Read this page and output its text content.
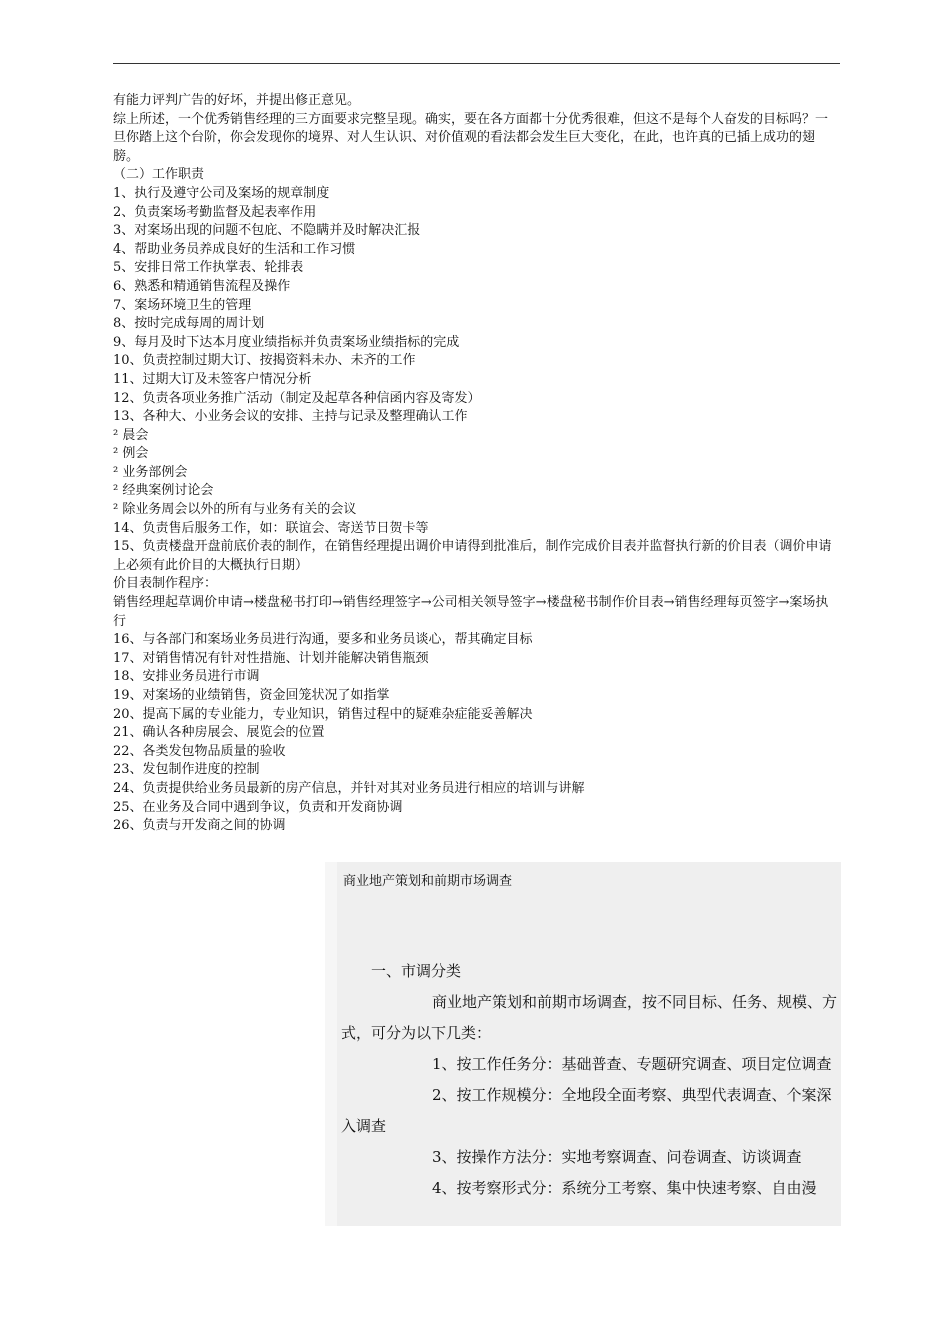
有能力评判广告的好坏，并提出修正意见。
综上所述，一个优秀销售经理的三方面要求完整呈现。确实，要在各方面都十分优秀很难，但这不是每个人奋发的目标吗？一旦你踏上这个台阶，你会发现你的境界、对人生认识、对价值观的看法都会发生巨大变化，在此，也许真的已插上成功的翅膀。
（二）工作职责
1、执行及遵守公司及案场的规章制度
2、负责案场考勤监督及起表率作用
3、对案场出现的问题不包庇、不隐瞒并及时解决汇报
4、帮助业务员养成良好的生活和工作习惯
5、安排日常工作执掌表、轮排表
6、熟悉和精通销售流程及操作
7、案场环境卫生的管理
8、按时完成每周的周计划
9、每月及时下达本月度业绩指标并负责案场业绩指标的完成
10、负责控制过期大订、按揭资料未办、未齐的工作
11、过期大订及未签客户情况分析
12、负责各项业务推广活动（制定及起草各种信函内容及寄发）
13、各种大、小业务会议的安排、主持与记录及整理确认工作
² 晨会
² 例会
² 业务部例会
² 经典案例讨论会
² 除业务周会以外的所有与业务有关的会议
14、负责售后服务工作，如：联谊会、寄送节日贺卡等
15、负责楼盘开盘前底价表的制作，在销售经理提出调价申请得到批准后，制作完成价目表并监督执行新的价目表（调价申请上必须有此价目的大概执行日期）
价目表制作程序：
销售经理起草调价申请→楼盘秘书打印→销售经理签字→公司相关领导签字→楼盘秘书制作价目表→销售经理每页签字→案场执行
16、与各部门和案场业务员进行沟通，要多和业务员谈心，帮其确定目标
17、对销售情况有针对性措施、计划并能解决销售瓶颈
18、安排业务员进行市调
19、对案场的业绩销售，资金回笼状况了如指掌
20、提高下属的专业能力，专业知识，销售过程中的疑难杂症能妥善解决
21、确认各种房展会、展览会的位置
22、各类发包物品质量的验收
23、发包制作进度的控制
24、负责提供给业务员最新的房产信息，并针对其对业务员进行相应的培训与讲解
25、在业务及合同中遇到争议，负责和开发商协调
26、负责与开发商之间的协调
商业地产策划和前期市场调查
一、市调分类
商业地产策划和前期市场调查，按不同目标、任务、规模、方式，可分为以下几类：
1、按工作任务分：基础普查、专题研究调查、项目定位调查
2、按工作规模分：全地段全面考察、典型代表调查、个案深入调查
3、按操作方法分：实地考察调查、问卷调查、访谈调查
4、按考察形式分：系统分工考察、集中快速考察、自由漫
